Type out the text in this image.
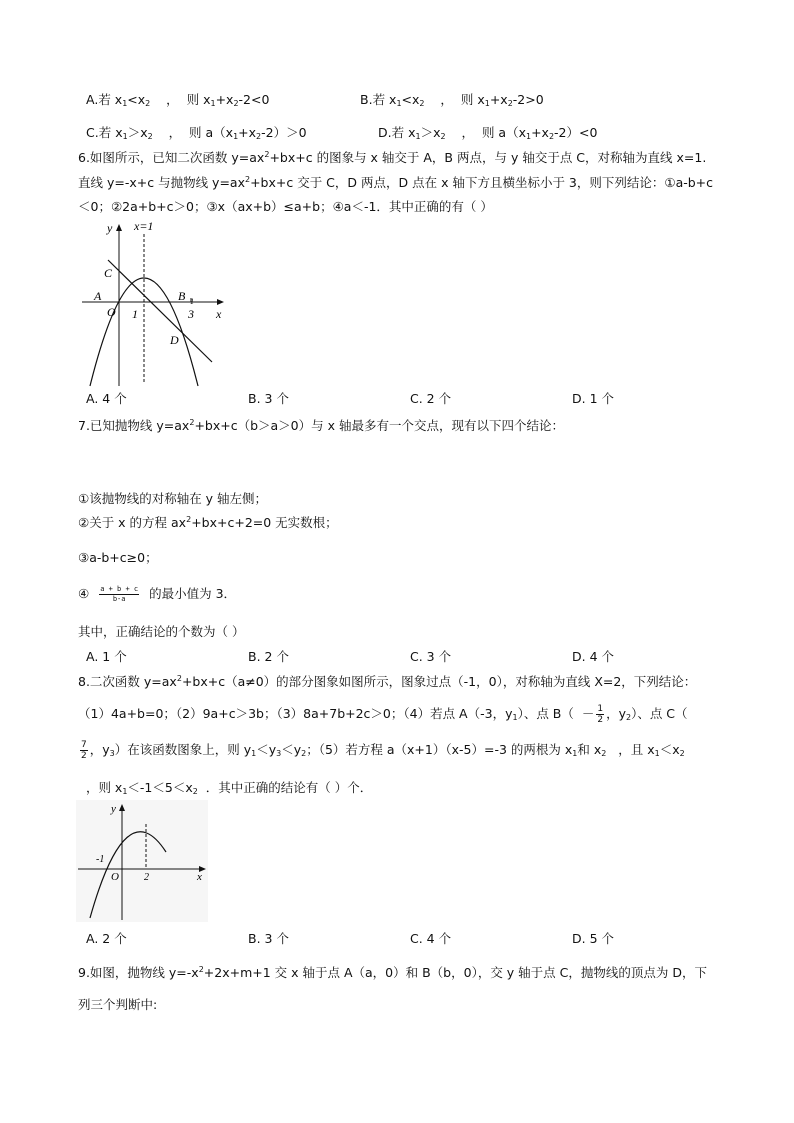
A.若 $x_1<x_2$    ，  则 $x_1+x_2-2<0$	B.若 $x_1<x_2$    ，  则 $x_1+x_2-2>0$
C.若 $x_1>x_2$    ，  则 $a(x_1+x_2-2)>0$	D.若 $x_1>x_2$    ，  则 $a(x_1+x_2-2)<0$
6.如图所示，已知二次函数 $y=ax^2+bx+c$ 的图象与 x 轴交于 A，B 两点，与 y 轴交于点 C，对称轴为直线 x=1.
直线 y=-x+c 与抛物线 $y=ax^2+bx+c$ 交于 C，D 两点，D 点在 x 轴下方且横坐标小于 3，则下列结论：①a-b+c
＜0；②2a+b+c＞0；③x（ax+b）≤a+b；④a＜-1．其中正确的有（ ）
y x=1
C
A	B 1
O 1	3 x
D
A. 4 个	B. 3 个	C. 2 个	D. 1 个
7.已知抛物线 $y=ax^2+bx+c(b>a>0)$与 x 轴最多有一个交点，现有以下四个结论：
①该抛物线的对称轴在 y 轴左侧；
②关于 x 的方程 $ax^2+bx+c+2=0$ 无实数根；
③a-b+c≥0；
④ $\frac{a + b + c}{b-a}$ 的最小值为 3．
其中，正确结论的个数为（ ）
A. 1 个	B. 2 个	C. 3 个	D. 4 个
8.二次函数 $y=ax^2+bx+c(a\ne 0)$的部分图象如图所示，图象过点（-1，0），对称轴为直线 X=2，下列结论：
（1）4a+b=0；（2）9a+c＞3b；（3）8a+7b+2c＞0；（4）若点 A（-3，$y_1$）、点 $B( - \frac{1}{2}$ ，$y_2$）、点 C（
$\frac{7}{2}$ ，$y_3$）在该函数图象上，则 $y_1<y_3<y_2$；（5）若方程 a（x+1）（x-5）=-3 的两根为 $x_1$和 $x_2$ ，且 $x_1<x_2$
，则 $x_1<-1<5<x_2$ ．其中正确的结论有（ ）个．
y
-1
O	2	x
A. 2 个	B. 3 个	C. 4 个	D. 5 个
9.如图，抛物线 $y=-x^2+2x+m+1$ 交 x 轴于点 A（a，0）和 B（b，0），交 y 轴于点 C，抛物线的顶点为 D，下
列三个判断中:
